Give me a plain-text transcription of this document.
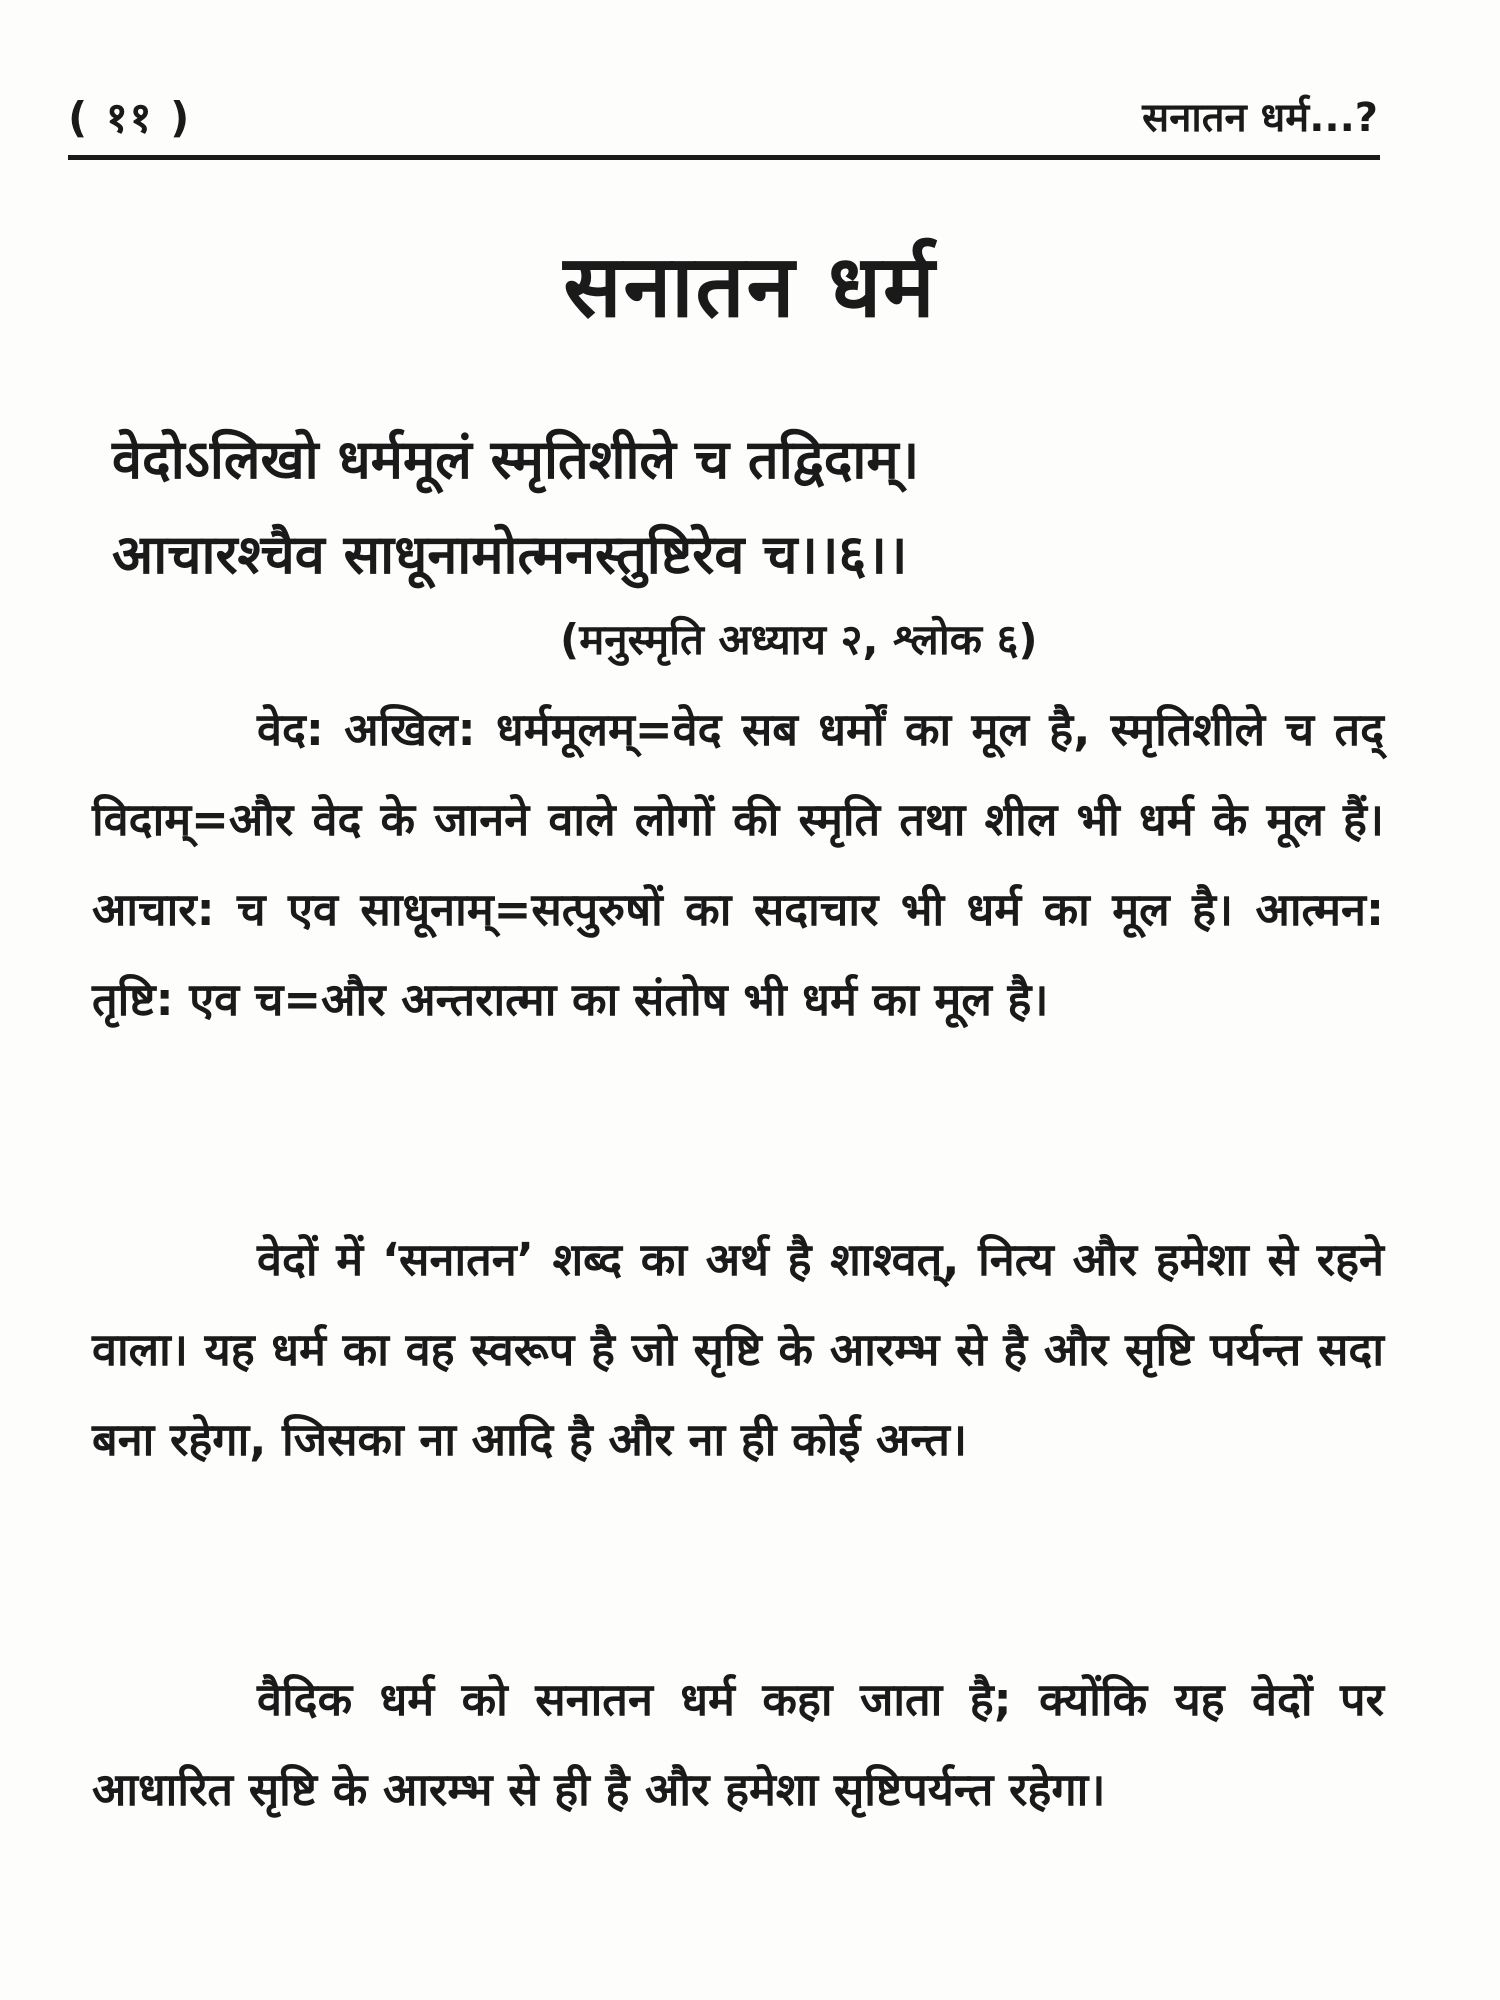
( ११ )	सनातन धर्म...?
सनातन धर्म
वेदोऽलिखो धर्ममूलं स्मृतिशीले च तद्विदाम्।
आचारश्चैव साधूनामोत्मनस्तुष्टिरेव च।।६।।
(मनुस्मृति अध्याय २, श्लोक ६)

वेद: अखिल: धर्ममूलम्=वेद सब धर्मों का मूल है, स्मृतिशीले च तद् विदाम्=और वेद के जानने वाले लोगों की स्मृति तथा शील भी धर्म के मूल हैं। आचार: च एव साधूनाम्=सत्पुरुषों का सदाचार भी धर्म का मूल है। आत्मन: तृष्टि: एव च=और अन्तरात्मा का संतोष भी धर्म का मूल है।

वेदों में ‘सनातन’ शब्द का अर्थ है शाश्वत्, नित्य और हमेशा से रहने वाला। यह धर्म का वह स्वरूप है जो सृष्टि के आरम्भ से है और सृष्टि पर्यन्त सदा बना रहेगा, जिसका ना आदि है और ना ही कोई अन्त।

वैदिक धर्म को सनातन धर्म कहा जाता है; क्योंकि यह वेदों पर आधारित सृष्टि के आरम्भ से ही है और हमेशा सृष्टिपर्यन्त रहेगा।
